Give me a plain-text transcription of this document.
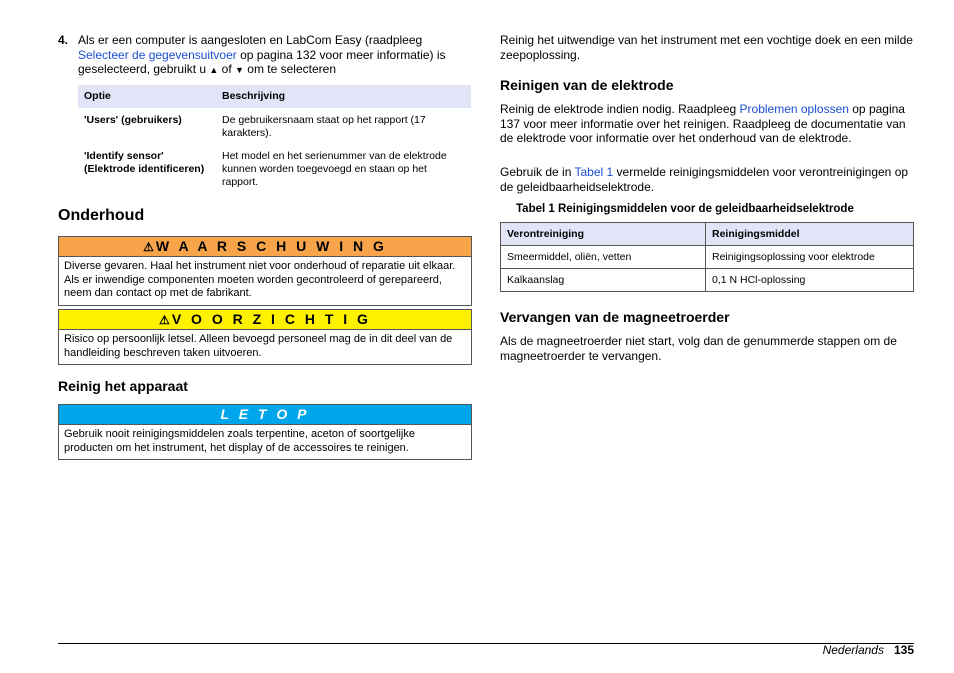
4. Als er een computer is aangesloten en LabCom Easy (raadpleeg Selecteer de gegevensuitvoer op pagina 132 voor meer informatie) is geselecteerd, gebruikt u ▲ of ▼ om te selecteren
Optie	Beschrijving
'Users' (gebruikers)	De gebruikersnaam staat op het rapport (17 karakters).
'Identify sensor' (Elektrode identificeren)	Het model en het serienummer van de elektrode kunnen worden toegevoegd en staan op het rapport.
Onderhoud
⚠ W A A R S C H U W I N G
Diverse gevaren. Haal het instrument niet voor onderhoud of reparatie uit elkaar. Als er inwendige componenten moeten worden gecontroleerd of gerepareerd, neem dan contact op met de fabrikant.
⚠ V O O R Z I C H T I G
Risico op persoonlijk letsel. Alleen bevoegd personeel mag de in dit deel van de handleiding beschreven taken uitvoeren.
Reinig het apparaat
L E T O P
Gebruik nooit reinigingsmiddelen zoals terpentine, aceton of soortgelijke producten om het instrument, het display of de accessoires te reinigen.

Reinig het uitwendige van het instrument met een vochtige doek en een milde zeepoplossing.

Reinigen van de elektrode

Reinig de elektrode indien nodig. Raadpleeg Problemen oplossen op pagina 137 voor meer informatie over het reinigen. Raadpleeg de documentatie van de elektrode voor informatie over het onderhoud van de elektrode.

Gebruik de in Tabel 1 vermelde reinigingsmiddelen voor verontreinigingen op de geleidbaarheidselektrode.

Tabel 1 Reinigingsmiddelen voor de geleidbaarheidselektrode
Verontreiniging	Reinigingsmiddel
Smeermiddel, oliën, vetten	Reinigingsoplossing voor elektrode
Kalkaanslag	0,1 N HCl-oplossing
Vervangen van de magneetroerder

Als de magneetroerder niet start, volg dan de genummerde stappen om de magneetroerder te vervangen.

Nederlands 135
